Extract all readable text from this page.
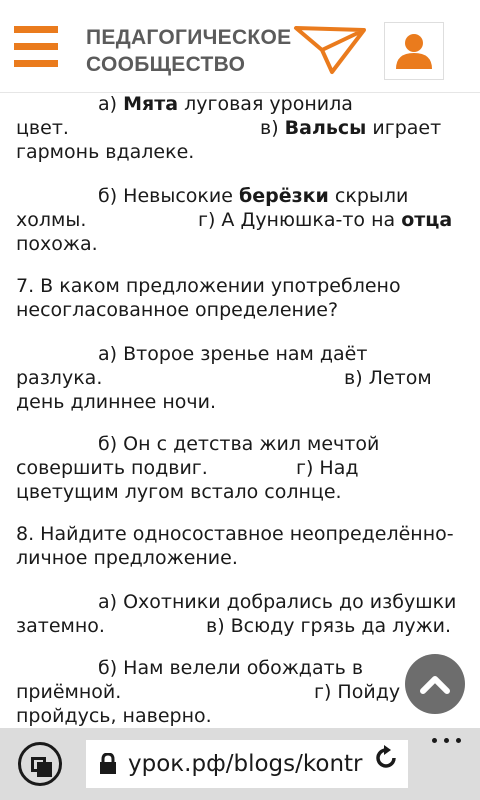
ПЕДАГОГИЧЕСКОЕ
СООБЩЕСТВО
а) Мята луговая уронила
цвет.	в) Вальсы играет
гармонь вдалеке.
б) Невысокие берёзки скрыли
холмы.	г) А Дунюшка-то на отца
похожа.
7. В каком предложении употреблено
несогласованное определение?
а) Второе зренье нам даёт
разлука.	в) Летом
день длиннее ночи.
б) Он с детства жил мечтой
совершить подвиг.	г) Над
цветущим лугом встало солнце.
8. Найдите односоставное неопределённо-
личное предложение.
а) Охотники добрались до избушки
затемно.	в) Всюду грязь да лужи.
б) Нам велели обождать в
приёмной.	г) Пойду
пройдусь, наверно.
урок.рф/blogs/kontr
